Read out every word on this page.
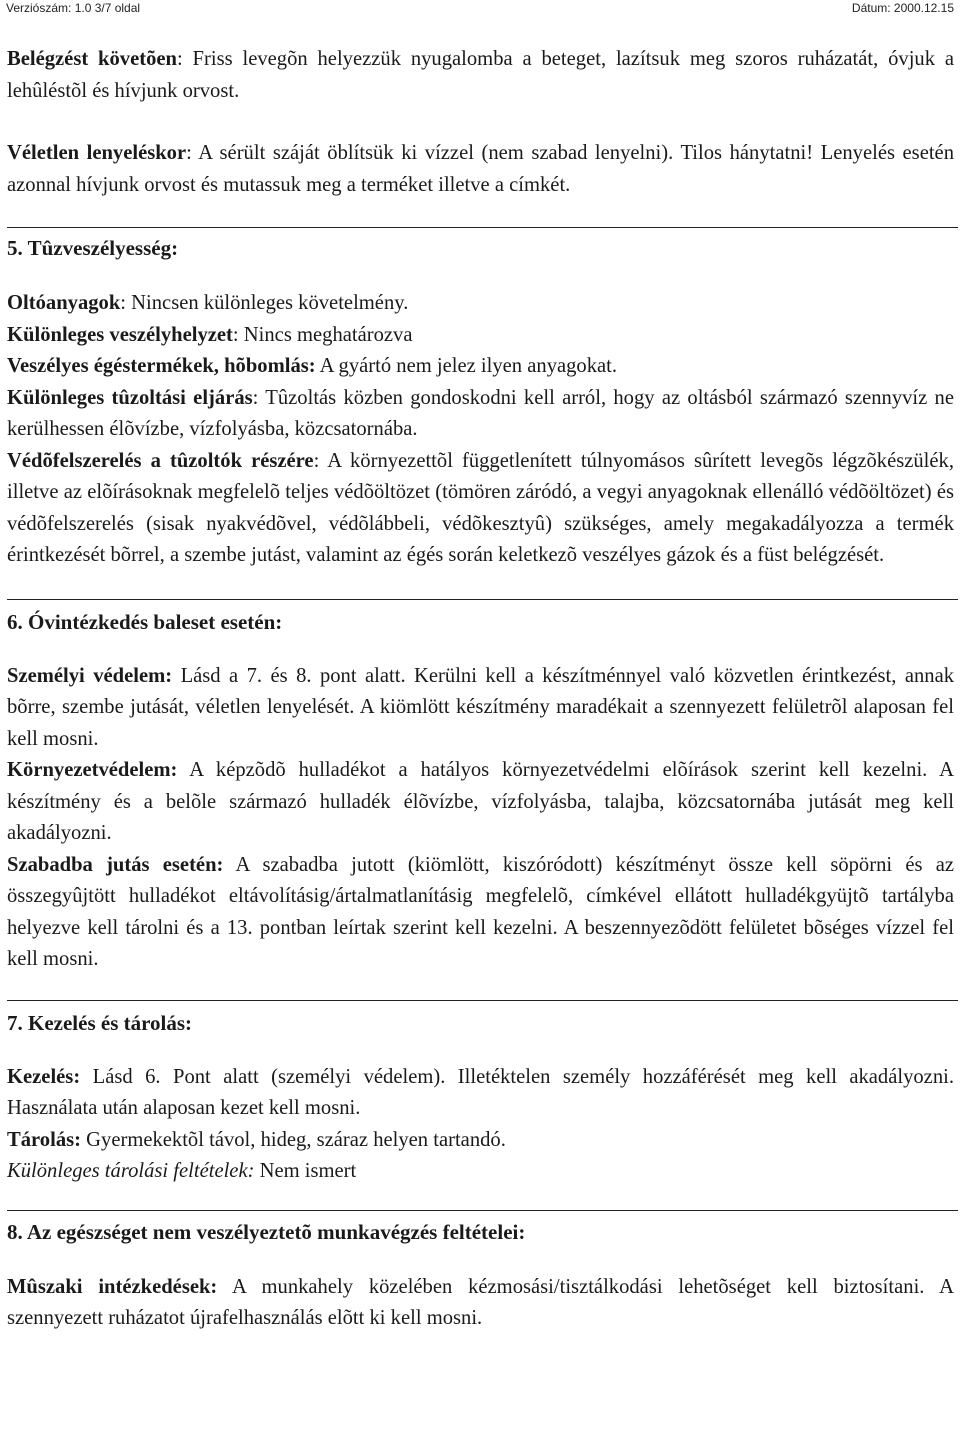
Verziószám: 1.0 3/7 oldal	Dátum: 2000.12.15

Belégzést követõen: Friss levegõn helyezzük nyugalomba a beteget, lazítsuk meg szoros ruházatát, óvjuk a lehûléstõl és hívjunk orvost.

Véletlen lenyeléskor: A sérült száját öblítsük ki vízzel (nem szabad lenyelni). Tilos hánytatni! Lenyelés esetén azonnal hívjunk orvost és mutassuk meg a terméket illetve a címkét.

5. Tûzveszélyesség:

Oltóanyagok: Nincsen különleges követelmény.

Különleges veszélyhelyzet: Nincs meghatározva

Veszélyes égéstermékek, hõbomlás: A gyártó nem jelez ilyen anyagokat.

Különleges tûzoltási eljárás: Tûzoltás közben gondoskodni kell arról, hogy az oltásból származó szennyvíz ne kerülhessen élõvízbe, vízfolyásba, közcsatornába.

Védõfelszerelés a tûzoltók részére: A környezettõl függetlenített túlnyomásos sûrített levegõs légzõkészülék, illetve az elõírásoknak megfelelõ teljes védõöltözet (tömören záródó, a vegyi anyagoknak ellenálló védõöltözet) és védõfelszerelés (sisak nyakvédõvel, védõlábbeli, védõkesztyû) szükséges, amely megakadályozza a termék érintkezését bõrrel, a szembe jutást, valamint az égés során keletkezõ veszélyes gázok és a füst belégzését.

6. Óvintézkedés baleset esetén:

Személyi védelem: Lásd a 7. és 8. pont alatt. Kerülni kell a készítménnyel való közvetlen érintkezést, annak bõrre, szembe jutását, véletlen lenyelését. A kiömlött készítmény maradékait a szennyezett felületrõl alaposan fel kell mosni.

Környezetvédelem: A képzõdõ hulladékot a hatályos környezetvédelmi elõírások szerint kell kezelni. A készítmény és a belõle származó hulladék élõvízbe, vízfolyásba, talajba, közcsatornába jutását meg kell akadályozni.

Szabadba jutás esetén: A szabadba jutott (kiömlött, kiszóródott) készítményt össze kell söpörni és az összegyûjtött hulladékot eltávolításig/ártalmatlanításig megfelelõ, címkével ellátott hulladékgyüjtõ tartályba helyezve kell tárolni és a 13. pontban leírtak szerint kell kezelni. A beszennyezõdött felületet bõséges vízzel fel kell mosni.

7. Kezelés és tárolás:

Kezelés: Lásd 6. Pont alatt (személyi védelem). Illetéktelen személy hozzáférését meg kell akadályozni. Használata után alaposan kezet kell mosni.

Tárolás: Gyermekektõl távol, hideg, száraz helyen tartandó.

Különleges tárolási feltételek: Nem ismert

8. Az egészséget nem veszélyeztetõ munkavégzés feltételei:

Mûszaki intézkedések: A munkahely közelében kézmosási/tisztálkodási lehetõséget kell biztosítani. A szennyezett ruházatot újrafelhasználás elõtt ki kell mosni.
